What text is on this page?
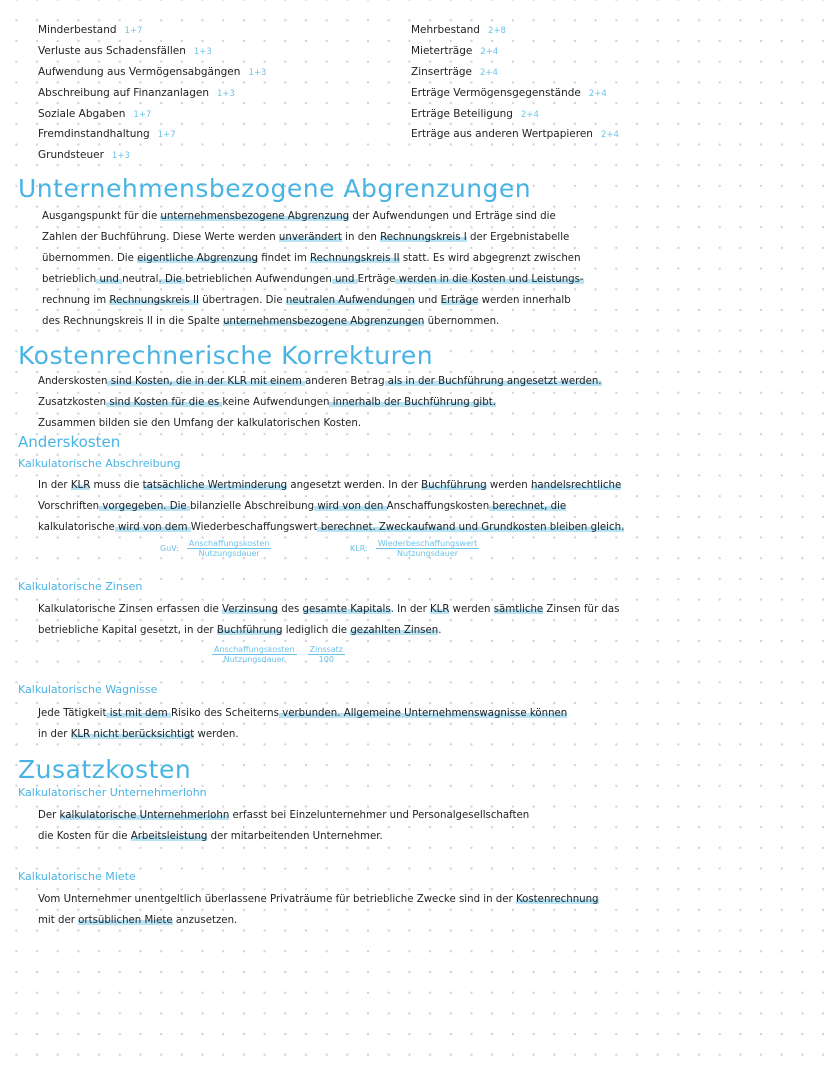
Minderbestand 1+7
Verluste aus Schadensfällen 1+3
Aufwendung aus Vermögensabgängen 1+3
Abschreibung auf Finanzanlagen 1+3
Soziale Abgaben 1+7
Fremdinstandhaltung 1+7
Grundsteuer 1+3
Mehrbestand 2+8
Mieterträge 2+4
Zinserträge 2+4
Erträge Vermögensgegenstände 2+4
Erträge Beteiligung 2+4
Erträge aus anderen Wertpapieren 2+4
Unternehmensbezogene Abgrenzungen
Ausgangspunkt für die unternehmensbezogene Abgrenzung der Aufwendungen und Erträge sind die
Zahlen der Buchführung. Diese Werte werden unverändert in den Rechnungskreis I der Ergebnistabelle
übernommen. Die eigentliche Abgrenzung findet im Rechnungskreis II statt. Es wird abgegrenzt zwischen
betrieblich und neutral. Die betrieblichen Aufwendungen und Erträge werden in die Kosten und Leistungs-
rechnung im Rechnungskreis II übertragen. Die neutralen Aufwendungen und Erträge werden innerhalb
des Rechnungskreis II in die Spalte unternehmensbezogene Abgrenzungen übernommen.
Kostenrechnerische Korrekturen
Anderskosten sind Kosten, die in der KLR mit einem anderen Betrag als in der Buchführung angesetzt werden.
Zusatzkosten sind Kosten für die es keine Aufwendungen innerhalb der Buchführung gibt.
Zusammen bilden sie den Umfang der kalkulatorischen Kosten.
Anderskosten
Kalkulatorische Abschreibung
In der KLR muss die tatsächliche Wertminderung angesetzt werden. In der Buchführung werden handelsrechtliche
Vorschriften vorgegeben. Die bilanzielle Abschreibung wird von den Anschaffungskosten berechnet, die
kalkulatorische wird von dem Wiederbeschaffungswert berechnet. Zweckaufwand und Grundkosten bleiben gleich.
GuV: $\frac{\text{Anschaffungskosten}}{\text{Nutzungsdauer}}$	KLR: $\frac{\text{Wiederbeschaffungswert}}{\text{Nutzungsdauer}}$
Kalkulatorische Zinsen
Kalkulatorische Zinsen erfassen die Verzinsung des gesamte Kapitals. In der KLR werden sämtliche Zinsen für das
betriebliche Kapital gesetzt, in der Buchführung lediglich die gezahlten Zinsen.
$\frac{\text{Anschaffungskosten}}{\text{Nutzungsdauer}}$
$\frac{\text{Zinssatz}}{100}$
Kalkulatorische Wagnisse
Jede Tätigkeit ist mit dem Risiko des Scheiterns verbunden. Allgemeine Unternehmenswagnisse können
in der KLR nicht berücksichtigt werden.
Zusatzkosten
Kalkulatorischer Unternehmerlohn
Der kalkulatorische Unternehmerlohn erfasst bei Einzelunternehmer und Personalgesellschaften
die Kosten für die Arbeitsleistung der mitarbeitenden Unternehmer.
Kalkulatorische Miete
Vom Unternehmer unentgeltlich überlassene Privaträume für betriebliche Zwecke sind in der Kostenrechnung
mit der ortsüblichen Miete anzusetzen.
